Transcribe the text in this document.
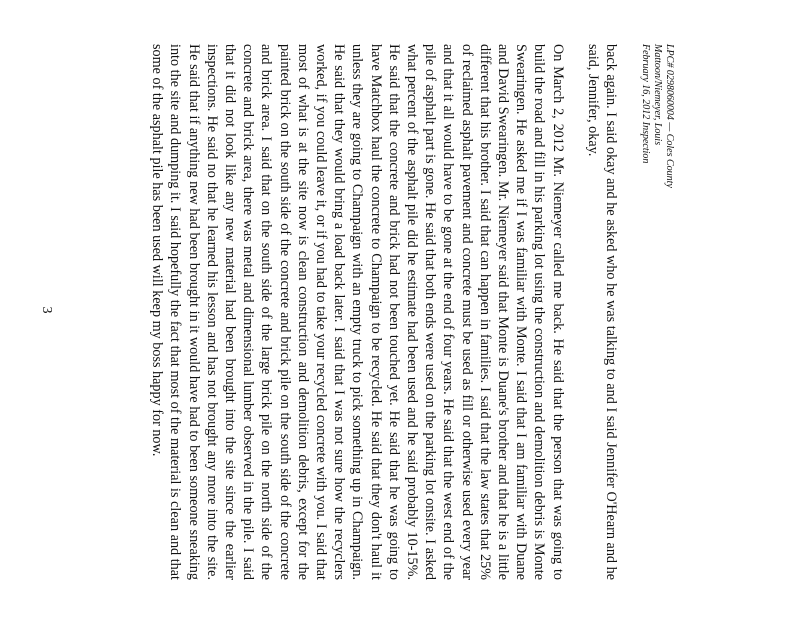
LPC# 0298060004 — Coles County
Mattoon/Niemeyer, Louis
February 16, 2012 Inspection

back again. I said okay and he asked who he was talking to and I said Jennifer O'Hearn and he said, Jennifer, okay.

On March 2, 2012 Mr. Niemeyer called me back. He said that the person that was going to build the road and fill in his parking lot using the construction and demolition debris is Monte Swearingen. He asked me if I was familiar with Monte. I said that I am familiar with Duane and David Swearingen. Mr. Niemeyer said that Monte is Duane's brother and that he is a little different that his brother. I said that can happen in families. I said that the law states that 25% of reclaimed asphalt pavement and concrete must be used as fill or otherwise used every year and that it all would have to be gone at the end of four years. He said that the west end of the pile of asphalt part is gone. He said that both ends were used on the parking lot onsite. I asked what percent of the asphalt pile did he estimate had been used and he said probably 10-15%. He said that the concrete and brick had not been touched yet. He said that he was going to have Matchbox haul the concrete to Champaign to be recycled. He said that they don't haul it unless they are going to Champaign with an empty truck to pick something up in Champaign. He said that they would bring a load back later. I said that I was not sure how the recyclers worked, if you could leave it, or if you had to take your recycled concrete with you. I said that most of what is at the site now is clean construction and demolition debris, except for the painted brick on the south side of the concrete and brick pile on the south side of the concrete and brick area. I said that on the south side of the large brick pile on the north side of the concrete and brick area, there was metal and dimensional lumber observed in the pile. I said that it did not look like any new material had been brought into the site since the earlier inspections. He said no that he learned his lesson and has not brought any more into the site. He said that if anything new had been brought in it would have had to been someone sneaking into the site and dumping it. I said hopefully the fact that most of the material is clean and that some of the asphalt pile has been used will keep my boss happy for now.

3
